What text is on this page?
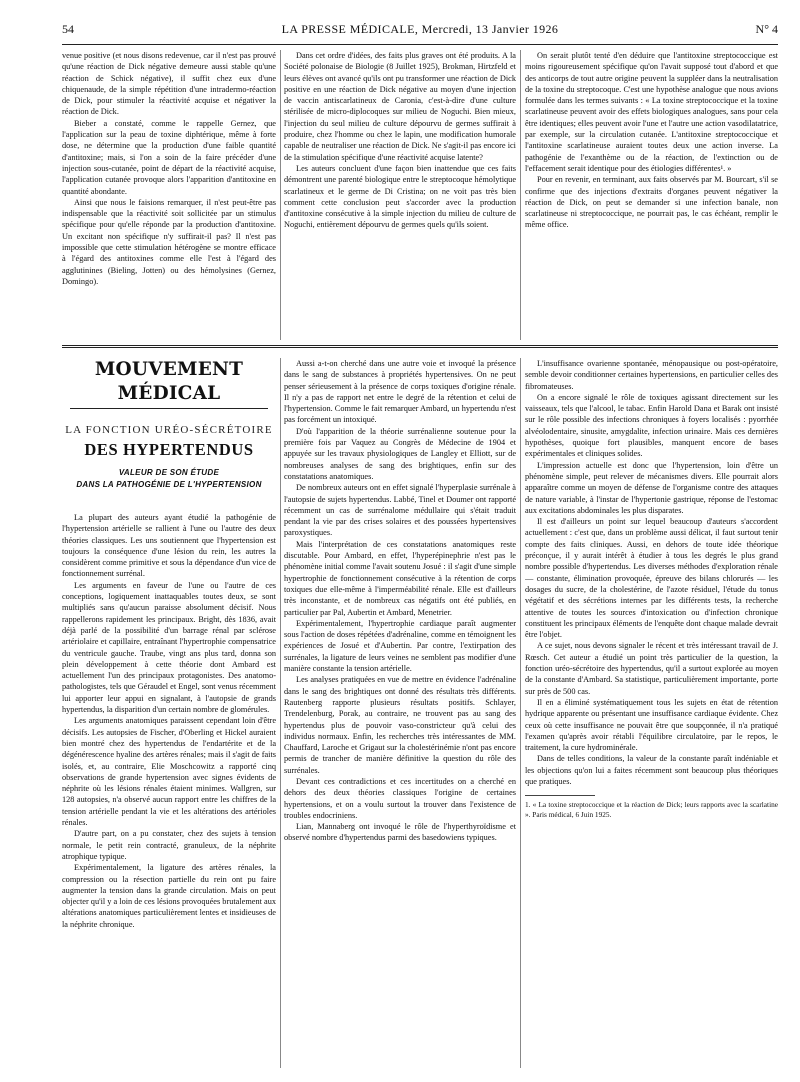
54	LA PRESSE MÉDICALE, Mercredi, 13 Janvier 1926	N° 4

venue positive (et nous disons redevenue, car il n'est pas prouvé qu'une réaction de Dick négative demeure aussi stable qu'une réaction de Schick négative), il suffit chez eux d'une chiquenaude, de la simple répétition d'une intradermo-réaction de Dick, pour stimuler la réactivité acquise et négativer la réaction de Dick.

Bieber a constaté, comme le rappelle Gernez, que l'application sur la peau de toxine diphtérique, même à forte dose, ne détermine que la production d'une faible quantité d'antitoxine; mais, si l'on a soin de la faire précéder d'une injection sous-cutanée, point de départ de la réactivité acquise, l'application cutanée provoque alors l'apparition d'antitoxine en quantité abondante.

Ainsi que nous le faisions remarquer, il n'est peut-être pas indispensable que la réactivité soit sollicitée par un stimulus spécifique pour qu'elle réponde par la production d'antitoxine. Un excitant non spécifique n'y suffirait-il pas? Il n'est pas impossible que cette stimulation hétérogène se montre efficace à l'égard des antitoxines comme elle l'est à l'égard des agglutinines (Bieling, Jotten) ou des hémolysines (Gernez, Domingo).

Dans cet ordre d'idées, des faits plus graves ont été produits. A la Société polonaise de Biologie (8 Juillet 1925), Brokman, Hirtzfeld et leurs élèves ont avancé qu'ils ont pu transformer une réaction de Dick positive en une réaction de Dick négative au moyen d'une injection de vaccin antiscarlatineux de Caronia, c'est-à-dire d'une culture stérilisée de micro-diplocoques sur milieu de Noguchi. Bien mieux, l'injection du seul milieu de culture dépourvu de germes suffirait à produire, chez l'homme ou chez le lapin, une modification humorale capable de neutraliser une réaction de Dick. Ne s'agit-il pas encore ici de la stimulation spécifique d'une réactivité acquise latente?

Les auteurs concluent d'une façon bien inattendue que ces faits démontrent une parenté biologique entre le streptocoque hémolytique scarlatineux et le germe de Di Cristina; on ne voit pas très bien comment cette conclusion peut s'accorder avec la production d'antitoxine consécutive à la simple injection du milieu de culture de Noguchi, entièrement dépourvu de germes quels qu'ils soient.

On serait plutôt tenté d'en déduire que l'antitoxine streptococcique est moins rigoureusement spécifique qu'on l'avait supposé tout d'abord et que des anticorps de tout autre origine peuvent la suppléer dans la neutralisation de la toxine du streptocoque. C'est une hypothèse analogue que nous avions formulée dans les termes suivants : « La toxine streptococcique et la toxine scarlatineuse peuvent avoir des effets biologiques analogues, sans pour cela être identiques; elles peuvent avoir l'une et l'autre une action vasodilatatrice, par exemple, sur la circulation cutanée. L'antitoxine streptococcique et l'antitoxine scarlatineuse auraient toutes deux une action inverse. La pathogénie de l'exanthème ou de la réaction, de l'extinction ou de l'effacement serait identique pour des étiologies différentes¹. »

Pour en revenir, en terminant, aux faits observés par M. Bourcart, s'il se confirme que des injections d'extraits d'organes peuvent négativer la réaction de Dick, on peut se demander si une infection banale, non scarlatineuse ni streptococcique, ne pourrait pas, le cas échéant, remplir le même office.

MOUVEMENT MÉDICAL
LA FONCTION URÉO-SÉCRÉTOIRE
DES HYPERTENDUS
VALEUR DE SON ÉTUDE
DANS LA PATHOGÉNIE DE L'HYPERTENSION

La plupart des auteurs ayant étudié la pathogénie de l'hypertension artérielle se rallient à l'une ou l'autre des deux théories classiques. Les uns soutiennent que l'hypertension est toujours la conséquence d'une lésion du rein, les autres la considèrent comme primitive et sous la dépendance d'un vice de fonctionnement surrénal.

Les arguments en faveur de l'une ou l'autre de ces conceptions, logiquement inattaquables toutes deux, se sont multipliés sans qu'aucun paraisse absolument décisif. Nous rappellerons rapidement les principaux. Bright, dès 1836, avait déjà parlé de la possibilité d'un barrage rénal par sclérose artériolaire et capillaire, entraînant l'hypertrophie compensatrice du ventricule gauche. Traube, vingt ans plus tard, donna son plein développement à cette théorie dont Ambard est actuellement l'un des principaux protagonistes. Des anatomo-pathologistes, tels que Géraudel et Engel, sont venus récemment lui apporter leur appui en signalant, à l'autopsie de grands hypertendus, la disparition d'un certain nombre de glomérules.

Les arguments anatomiques paraissent cependant loin d'être décisifs. Les autopsies de Fischer, d'Oberling et Hickel auraient bien montré chez des hypertendus de l'endartérite et de la dégénérescence hyaline des artères rénales; mais il s'agit de faits isolés, et, au contraire, Elie Moschcowitz a rapporté cinq observations de grande hypertension avec signes évidents de néphrite où les lésions rénales étaient minimes. Wallgren, sur 128 autopsies, n'a observé aucun rapport entre les chiffres de la tension artérielle pendant la vie et les altérations des artérioles rénales.

D'autre part, on a pu constater, chez des sujets à tension normale, le petit rein contracté, granuleux, de la néphrite atrophique typique.

Expérimentalement, la ligature des artères rénales, la compression ou la résection partielle du rein ont pu faire augmenter la tension dans la grande circulation. Mais on peut objecter qu'il y a loin de ces lésions provoquées brutalement aux altérations anatomiques particulièrement lentes et insidieuses de la néphrite chronique.

Aussi a-t-on cherché dans une autre voie et invoqué la présence dans le sang de substances à propriétés hypertensives. On ne peut penser sérieusement à la présence de corps toxiques d'origine rénale. Il n'y a pas de rapport net entre le degré de la rétention et celui de l'hypertension. Comme le fait remarquer Ambard, un hypertendu n'est pas forcément un intoxiqué.

D'où l'apparition de la théorie surrénalienne soutenue pour la première fois par Vaquez au Congrès de Médecine de 1904 et appuyée sur les travaux physiologiques de Langley et Elliott, sur de nombreuses analyses de sang des brightiques, enfin sur des constatations anatomiques.

De nombreux auteurs ont en effet signalé l'hyperplasie surrénale à l'autopsie de sujets hypertendus. Labbé, Tinel et Doumer ont rapporté récemment un cas de surrénalome médullaire qui s'était traduit pendant la vie par des crises solaires et des poussées hypertensives paroxystiques.

Mais l'interprétation de ces constatations anatomiques reste discutable. Pour Ambard, en effet, l'hyperépinephrie n'est pas le phénomène initial comme l'avait soutenu Josué : il s'agit d'une simple hypertrophie de fonctionnement consécutive à la rétention de corps toxiques due elle-même à l'imperméabilité rénale. Elle est d'ailleurs très inconstante, et de nombreux cas négatifs ont été publiés, en particulier par Pal, Aubertin et Ambard, Menetrier.

Expérimentalement, l'hypertrophie cardiaque paraît augmenter sous l'action de doses répétées d'adrénaline, comme en témoignent les expériences de Josué et d'Aubertin. Par contre, l'extirpation des surrénales, la ligature de leurs veines ne semblent pas modifier d'une manière constante la tension artérielle.

Les analyses pratiquées en vue de mettre en évidence l'adrénaline dans le sang des brightiques ont donné des résultats très différents. Rautenberg rapporte plusieurs résultats positifs. Schlayer, Trendelenburg, Porak, au contraire, ne trouvent pas au sang des hypertendus plus de pouvoir vaso-constricteur qu'à celui des individus normaux. Enfin, les recherches très intéressantes de MM. Chauffard, Laroche et Grigaut sur la cholestérinémie n'ont pas encore permis de trancher de manière définitive la question du rôle des surrénales.

Devant ces contradictions et ces incertitudes on a cherché en dehors des deux théories classiques l'origine de certaines hypertensions, et on a voulu surtout la trouver dans l'existence de troubles endocriniens.

Lian, Mannaberg ont invoqué le rôle de l'hyperthyroïdisme et observé nombre d'hypertendus parmi des basedowiens typiques.

L'insuffisance ovarienne spontanée, ménopausique ou post-opératoire, semble devoir conditionner certaines hypertensions, en particulier celles des fibromateuses.

On a encore signalé le rôle de toxiques agissant directement sur les vaisseaux, tels que l'alcool, le tabac. Enfin Harold Dana et Barak ont insisté sur le rôle possible des infections chroniques à foyers localisés : pyorrhée alvéolodentaire, sinusite, amygdalite, infection urinaire. Mais ces dernières hypothèses, quoique fort plausibles, manquent encore de bases expérimentales et cliniques solides.

L'impression actuelle est donc que l'hypertension, loin d'être un phénomène simple, peut relever de mécanismes divers. Elle pourrait alors apparaître comme un moyen de défense de l'organisme contre des attaques de nature variable, à l'instar de l'hypertonie gastrique, réponse de l'estomac aux excitations abdominales les plus disparates.

Il est d'ailleurs un point sur lequel beaucoup d'auteurs s'accordent actuellement : c'est que, dans un problème aussi délicat, il faut surtout tenir compte des faits cliniques. Aussi, en dehors de toute idée théorique préconçue, il y aurait intérêt à étudier à tous les degrés le plus grand nombre possible d'hypertendus. Les diverses méthodes d'exploration rénale — constante, élimination provoquée, épreuve des bilans chlorurés — les dosages du sucre, de la cholestérine, de l'azote résiduel, l'étude du tonus végétatif et des sécrétions internes par les différents tests, la recherche attentive de toutes les sources d'intoxication ou d'infection chronique constituent les principaux éléments de l'enquête dont chaque malade devrait être l'objet.

A ce sujet, nous devons signaler le récent et très intéressant travail de J. Rœsch. Cet auteur a étudié un point très particulier de la question, la fonction uréo-sécrétoire des hypertendus, qu'il a surtout explorée au moyen de la constante d'Ambard. Sa statistique, particulièrement importante, porte sur près de 500 cas.

Il en a éliminé systématiquement tous les sujets en état de rétention hydrique apparente ou présentant une insuffisance cardiaque évidente. Chez ceux où cette insuffisance ne pouvait être que soupçonnée, il n'a pratiqué l'examen qu'après avoir rétabli l'équilibre circulatoire, par le repos, le traitement, la cure hydrominérale.

Dans de telles conditions, la valeur de la constante paraît indéniable et les objections qu'on lui a faites récemment sont beaucoup plus théoriques que pratiques.

1. « La toxine streptococcique et la réaction de Dick; leurs rapports avec la scarlatine ». Paris médical, 6 Juin 1925.
